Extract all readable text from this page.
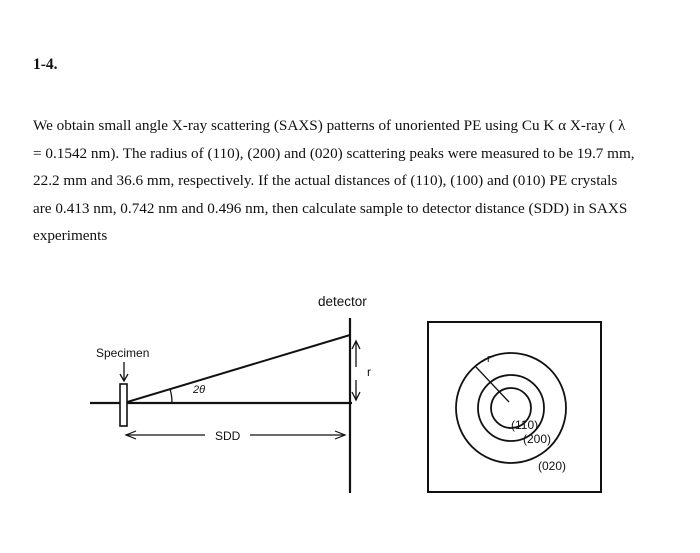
1-4.

We obtain small angle X-ray scattering (SAXS) patterns of unoriented PE using Cu K α X-ray ( λ
= 0.1542 nm). The radius of (110), (200) and (020) scattering peaks were measured to be 19.7 mm,
22.2 mm and 36.6 mm, respectively. If the actual distances of (110), (100) and (010) PE crystals
are 0.413 nm, 0.742 nm and 0.496 nm, then calculate sample to detector distance (SDD) in SAXS
experiments

detector
Specimen
2θ
r
SDD
r
(110)
(200)
(020)
